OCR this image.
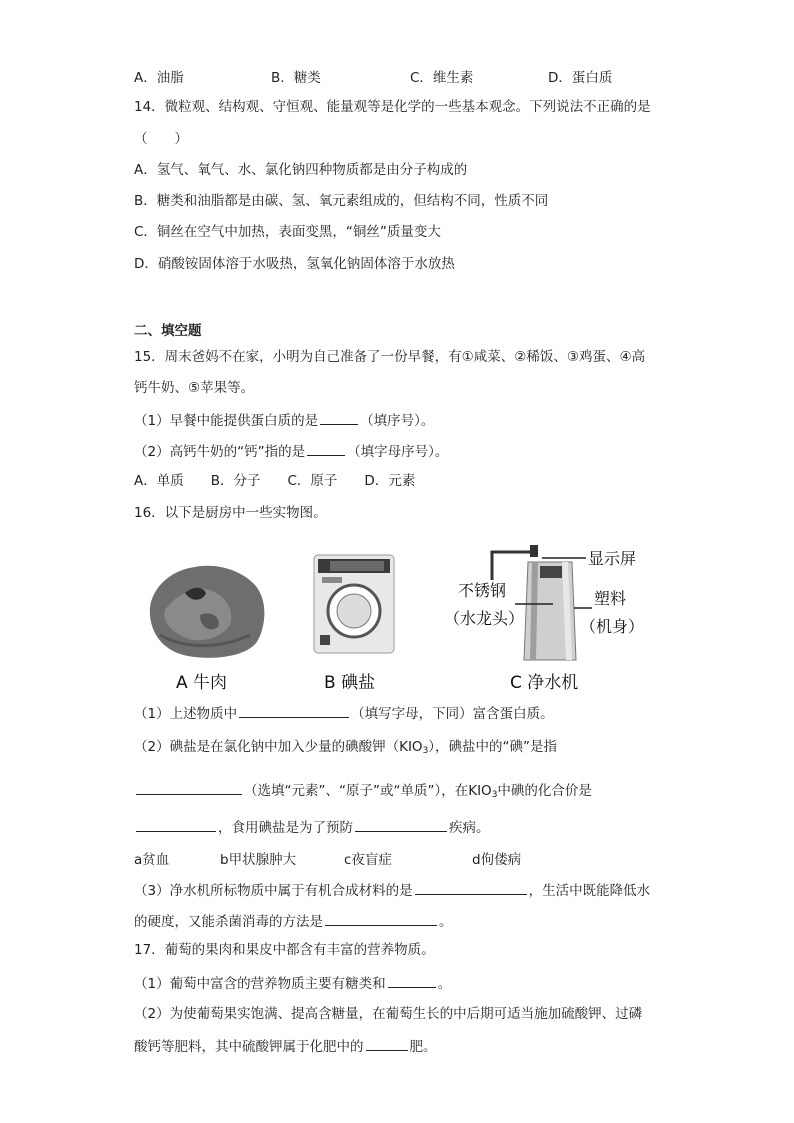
A．油脂	B．糖类	C．维生素	D．蛋白质
14．微粒观、结构观、守恒观、能量观等是化学的一些基本观念。下列说法不正确的是
（　　）
A．氢气、氧气、水、氯化钠四种物质都是由分子构成的
B．糖类和油脂都是由碳、氢、氧元素组成的，但结构不同，性质不同
C．铜丝在空气中加热，表面变黑，“铜丝”质量变大
D．硝酸铵固体溶于水吸热，氢氧化钠固体溶于水放热
二、填空题
15．周末爸妈不在家，小明为自己准备了一份早餐，有①咸菜、②稀饭、③鸡蛋、④高
钙牛奶、⑤苹果等。
（1）早餐中能提供蛋白质的是	（填序号）。
（2）高钙牛奶的“钙”指的是	（填字母序号）。
A．单质　　B．分子　　C．原子　　D．元素
16．以下是厨房中一些实物图。
A 牛肉	B 碘盐	C 净水机
显示屏
不锈钢
（水龙头）
塑料
（机身）
（1）上述物质中	（填写字母，下同）富含蛋白质。
（2）碘盐是在氯化钠中加入少量的碘酸钾$(KIO_3)$，碘盐中的“碘”是指
（选填“元素”、“原子”或“单质”），在$KIO_3$中碘的化合价是
，食用碘盐是为了预防	疾病。
a贫血	b甲状腺肿大	c夜盲症	d佝偻病
（3）净水机所标物质中属于有机合成材料的是	，生活中既能降低水
的硬度，又能杀菌消毒的方法是	。
17．葡萄的果肉和果皮中都含有丰富的营养物质。
（1）葡萄中富含的营养物质主要有糖类和	。
（2）为使葡萄果实饱满、提高含糖量，在葡萄生长的中后期可适当施加硫酸钾、过磷
酸钙等肥料，其中硫酸钾属于化肥中的	肥。
